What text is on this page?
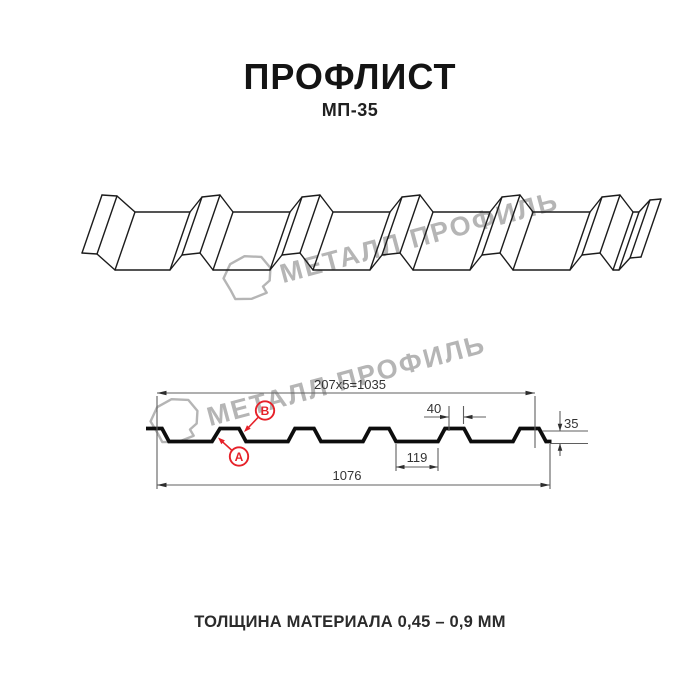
ПРОФЛИСТ
МП-35
207x5=1035
1076
119
40
35
B
A
ТОЛЩИНА МАТЕРИАЛА 0,45 – 0,9 ММ
